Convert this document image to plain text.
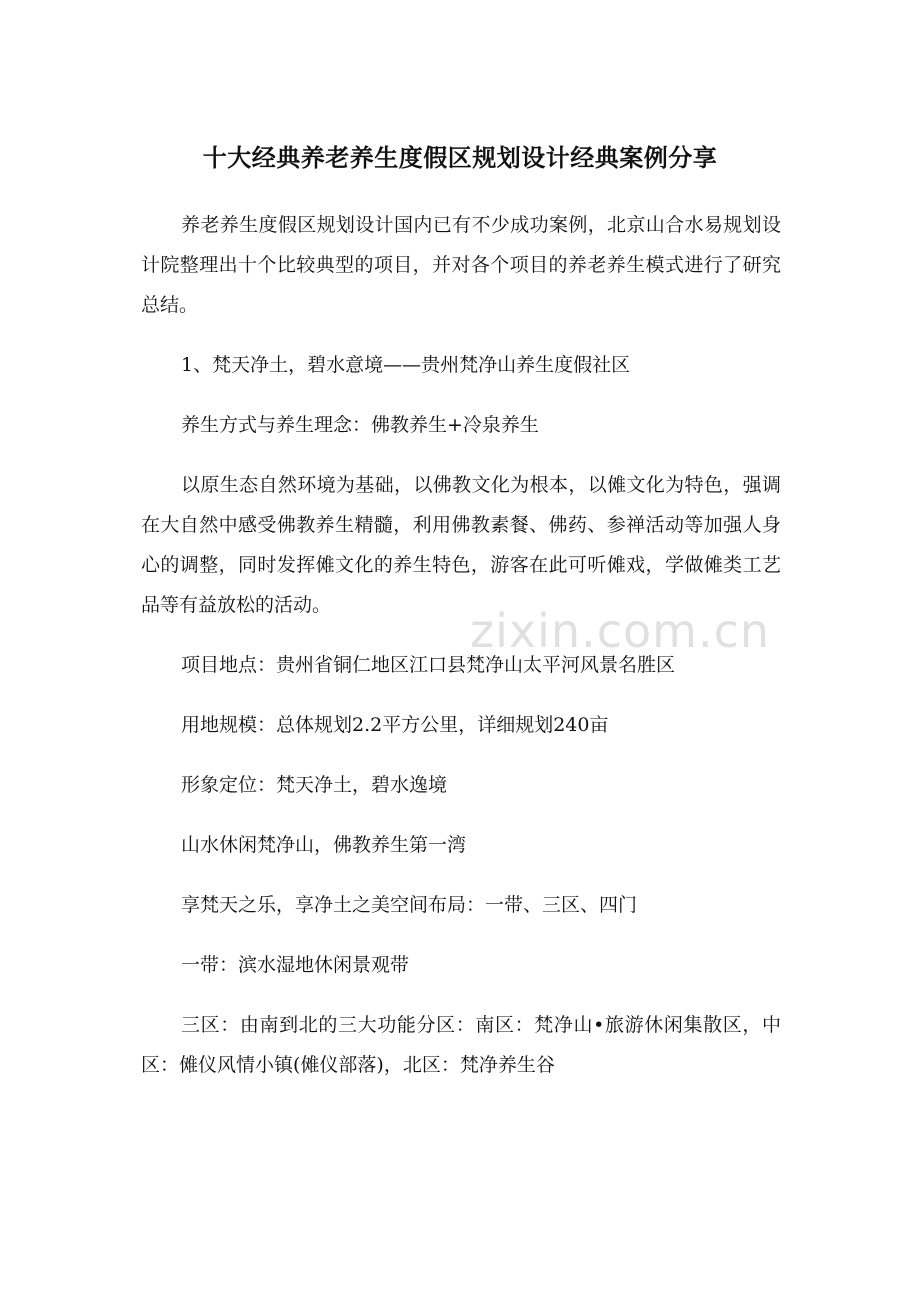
十大经典养老养生度假区规划设计经典案例分享

养老养生度假区规划设计国内已有不少成功案例，北京山合水易规划设计院整理出十个比较典型的项目，并对各个项目的养老养生模式进行了研究总结。

1、梵天净土，碧水意境——贵州梵净山养生度假社区

养生方式与养生理念：佛教养生+冷泉养生

以原生态自然环境为基础，以佛教文化为根本，以傩文化为特色，强调在大自然中感受佛教养生精髓，利用佛教素餐、佛药、参禅活动等加强人身心的调整，同时发挥傩文化的养生特色，游客在此可听傩戏，学做傩类工艺品等有益放松的活动。

项目地点：贵州省铜仁地区江口县梵净山太平河风景名胜区

用地规模：总体规划2.2平方公里，详细规划240亩

形象定位：梵天净土，碧水逸境

山水休闲梵净山，佛教养生第一湾

享梵天之乐，享净土之美空间布局：一带、三区、四门

一带：滨水湿地休闲景观带

三区：由南到北的三大功能分区：南区：梵净山•旅游休闲集散区，中区：傩仪风情小镇(傩仪部落)，北区：梵净养生谷

zixin.com.cn
